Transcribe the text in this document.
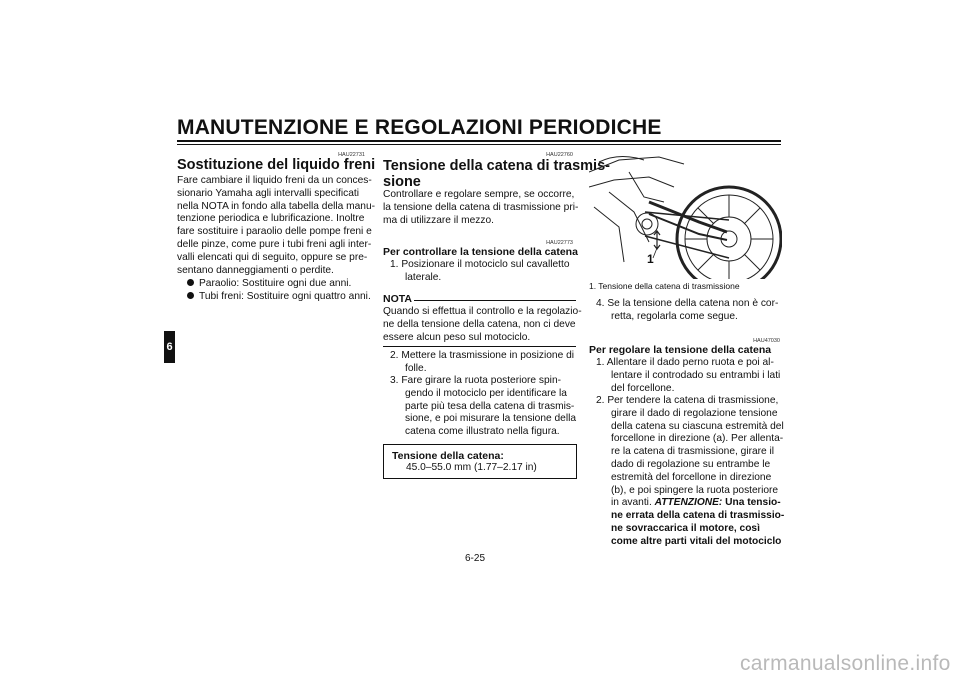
MANUTENZIONE E REGOLAZIONI PERIODICHE
6
HAU22731
Sostituzione del liquido freni
Fare cambiare il liquido freni da un conces-
sionario Yamaha agli intervalli specificati
nella NOTA in fondo alla tabella della manu-
tenzione periodica e lubrificazione. Inoltre
fare sostituire i paraolio delle pompe freni e
delle pinze, come pure i tubi freni agli inter-
valli elencati qui di seguito, oppure se pre-
sentano danneggiamenti o perdite.
Paraolio: Sostituire ogni due anni.
Tubi freni: Sostituire ogni quattro anni.
HAU22760
Tensione della catena di trasmis-
sione
Controllare e regolare sempre, se occorre,
la tensione della catena di trasmissione pri-
ma di utilizzare il mezzo.
HAU22773
Per controllare la tensione della catena
1. Posizionare il motociclo sul cavalletto
laterale.
NOTA
Quando si effettua il controllo e la regolazio-
ne della tensione della catena, non ci deve
essere alcun peso sul motociclo.
2. Mettere la trasmissione in posizione di
folle.
3. Fare girare la ruota posteriore spin-
gendo il motociclo per identificare la
parte più tesa della catena di trasmis-
sione, e poi misurare la tensione della
catena come illustrato nella figura.
Tensione della catena:
45.0–55.0 mm (1.77–2.17 in)
1
1. Tensione della catena di trasmissione
4. Se la tensione della catena non è cor-
retta, regolarla come segue.
HAU47030
Per regolare la tensione della catena
1. Allentare il dado perno ruota e poi al-
lentare il controdado su entrambi i lati
del forcellone.
2. Per tendere la catena di trasmissione,
girare il dado di regolazione tensione
della catena su ciascuna estremità del
forcellone in direzione (a). Per allenta-
re la catena di trasmissione, girare il
dado di regolazione su entrambe le
estremità del forcellone in direzione
(b), e poi spingere la ruota posteriore
in avanti. ATTENZIONE: Una tensio-
ne errata della catena di trasmissio-
ne sovraccarica il motore, così
come altre parti vitali del motociclo
6-25
carmanualsonline.info
